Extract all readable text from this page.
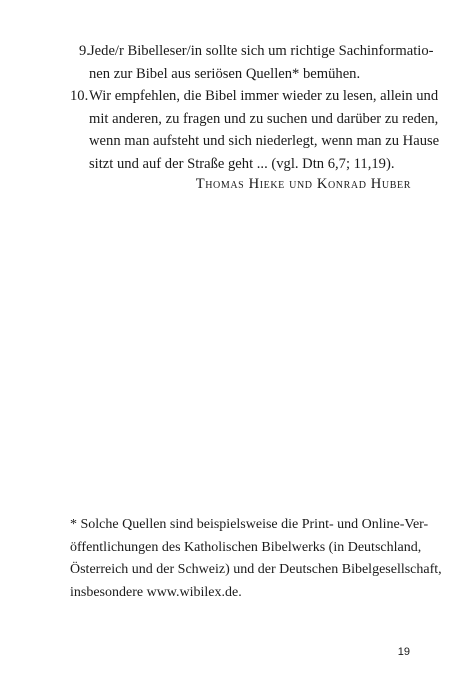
9. Jede/r Bibelleser/in sollte sich um richtige Sachinformatio-
nen zur Bibel aus seriösen Quellen* bemühen.

10. Wir empfehlen, die Bibel immer wieder zu lesen, allein und
mit anderen, zu fragen und zu suchen und darüber zu reden,
wenn man aufsteht und sich niederlegt, wenn man zu Hause
sitzt und auf der Straße geht ... (vgl. Dtn 6,7; 11,19).

Thomas Hieke und Konrad Huber
* Solche Quellen sind beispielsweise die Print- und Online-Ver-
öffentlichungen des Katholischen Bibelwerks (in Deutschland,
Österreich und der Schweiz) und der Deutschen Bibelgesellschaft,
insbesondere www.wibilex.de.
19
